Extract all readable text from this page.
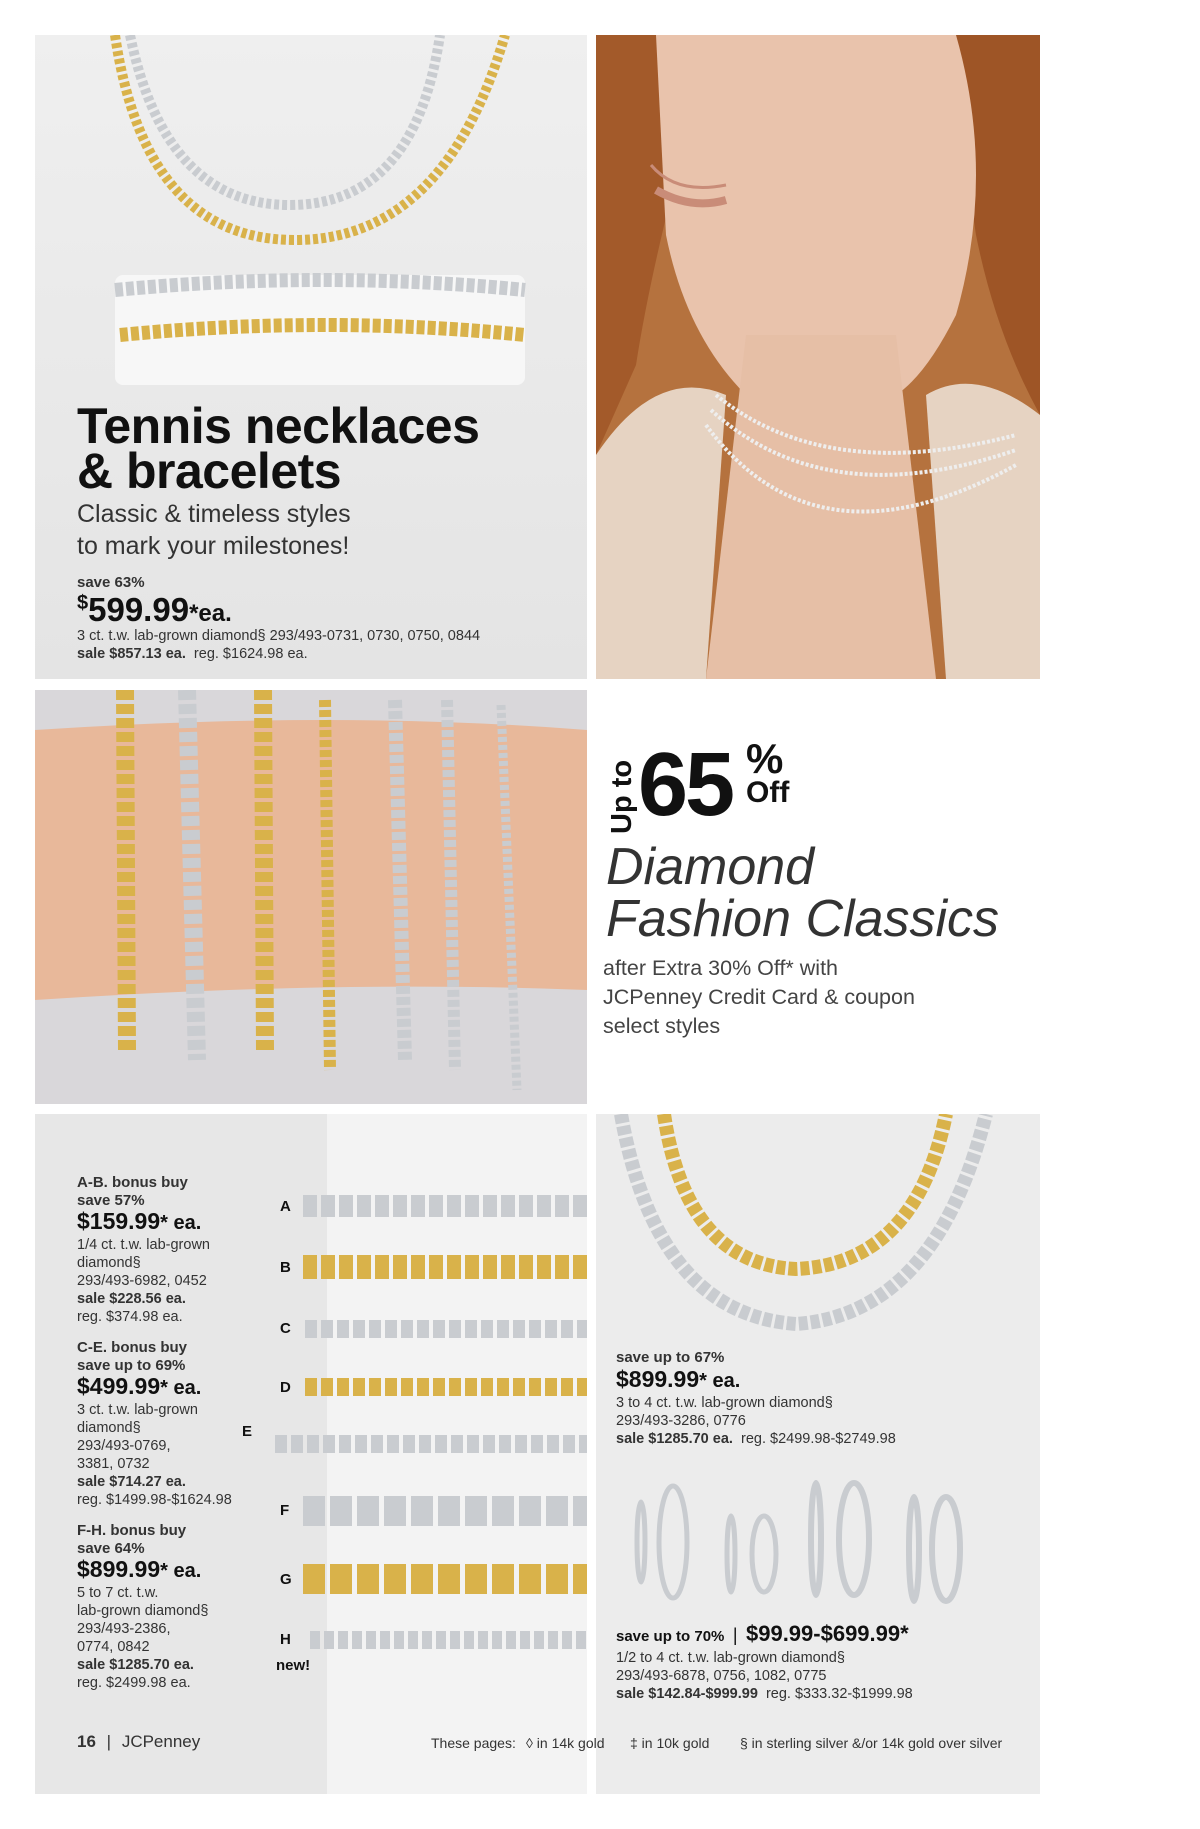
Tennis necklaces
& bracelets
Classic & timeless styles
to mark your milestones!
save 63%
$599.99*ea.
3 ct. t.w. lab-grown diamond§ 293/493-0731, 0730, 0750, 0844
sale $857.13 ea. reg. $1624.98 ea.
Up to 65 %
Off
Diamond
Fashion Classics
after Extra 30% Off* with
JCPenney Credit Card & coupon
select styles
A-B. bonus buy
save 57%
$159.99* ea.
1/4 ct. t.w. lab-grown
diamond§
293/493-6982, 0452
sale $228.56 ea.
reg. $374.98 ea.
C-E. bonus buy
save up to 69%
$499.99* ea.
3 ct. t.w. lab-grown
diamond§
293/493-0769,
3381, 0732
sale $714.27 ea.
reg. $1499.98-$1624.98
F-H. bonus buy
save 64%
$899.99* ea.
5 to 7 ct. t.w.
lab-grown diamond§
293/493-2386,
0774, 0842
sale $1285.70 ea.
reg. $2499.98 ea.
A
B
C
D
E
F
G
H
new!
16 | JCPenney	These pages:
save up to 67%
$899.99* ea.
3 to 4 ct. t.w. lab-grown diamond§
293/493-3286, 0776
sale $1285.70 ea. reg. $2499.98-$2749.98
save up to 70% | $99.99-$699.99*
1/2 to 4 ct. t.w. lab-grown diamond§
293/493-6878, 0756, 1082, 0775
sale $142.84-$999.99 reg. $333.32-$1999.98
◊ in 14k gold ‡ in 10k gold § in sterling silver &/or 14k gold over silver
